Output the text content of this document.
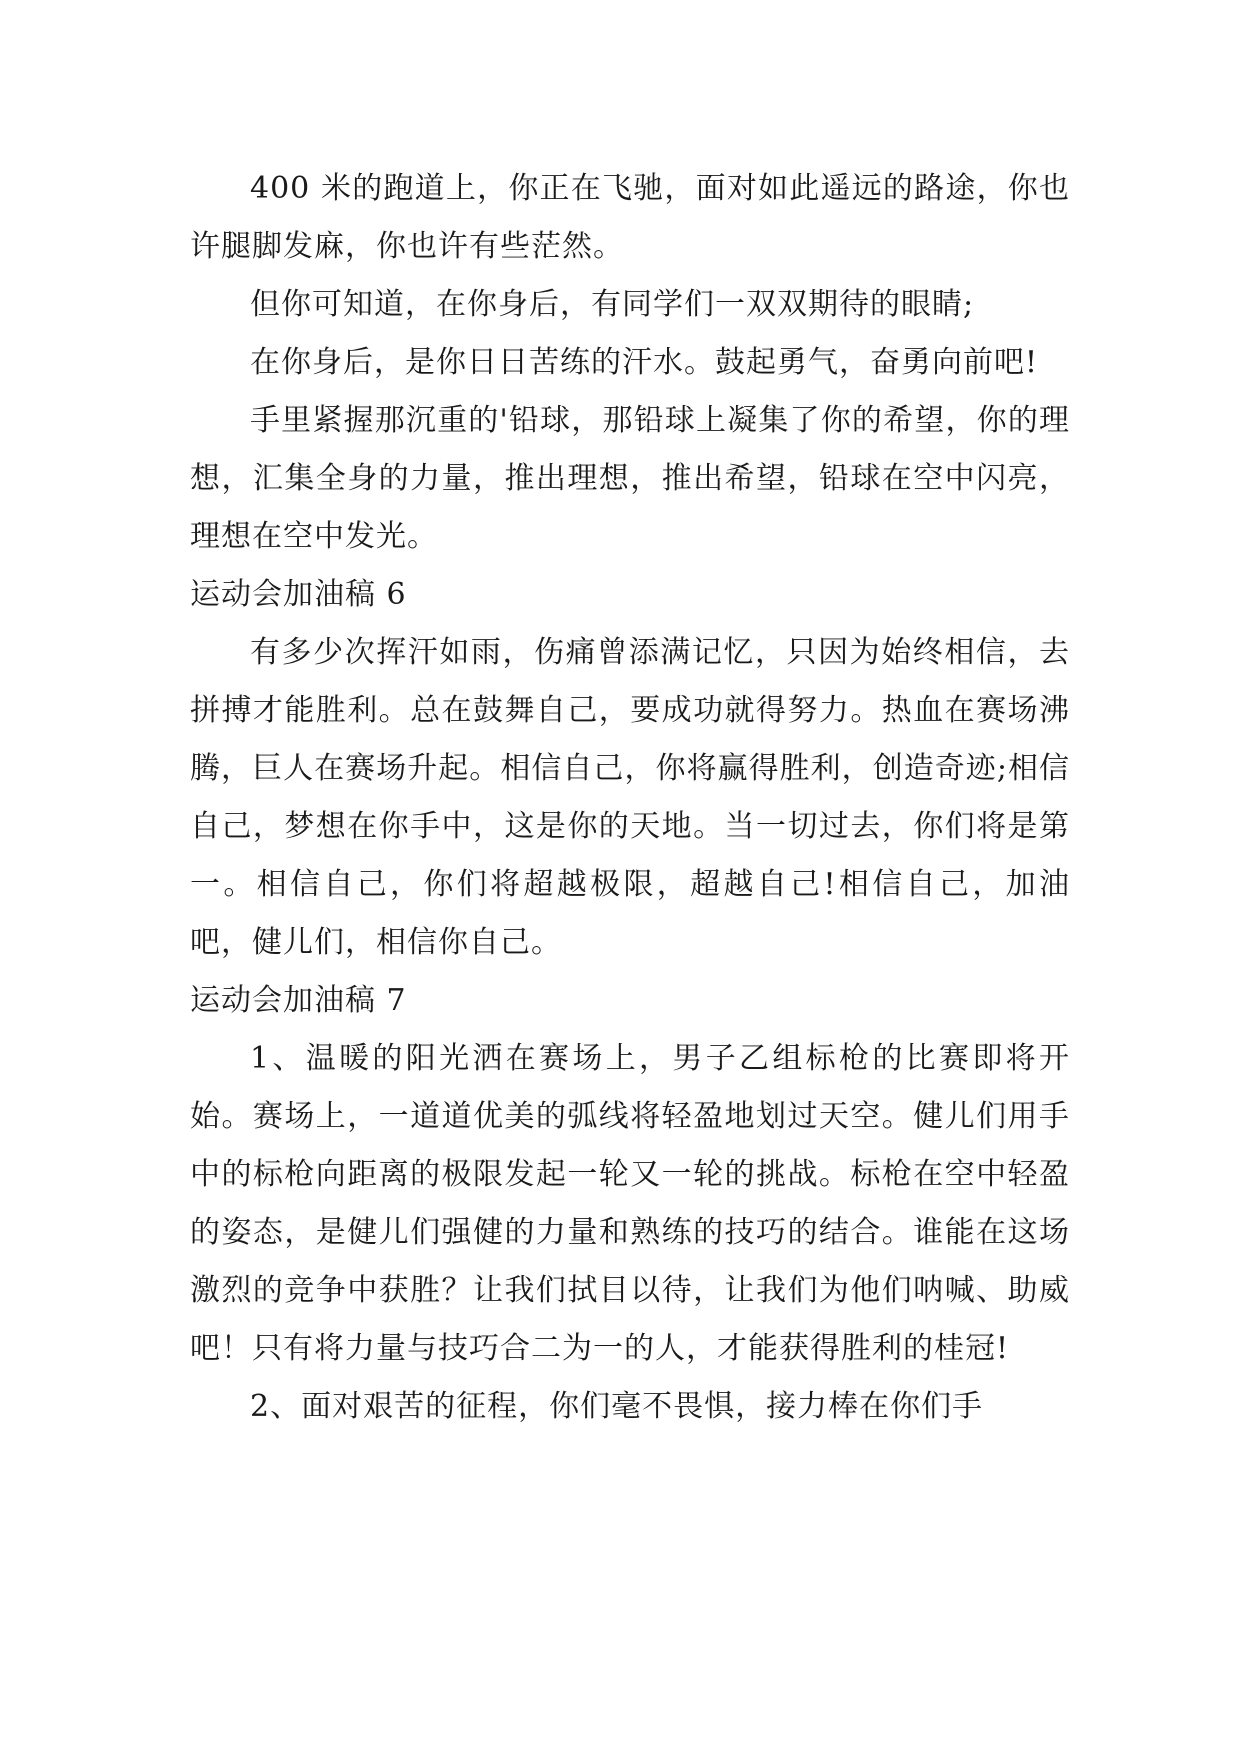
400 米的跑道上，你正在飞驰，面对如此遥远的路途，你也许腿脚发麻，你也许有些茫然。

但你可知道，在你身后，有同学们一双双期待的眼睛;

在你身后，是你日日苦练的汗水。鼓起勇气，奋勇向前吧!

手里紧握那沉重的'铅球，那铅球上凝集了你的希望，你的理想，汇集全身的力量，推出理想，推出希望，铅球在空中闪亮，理想在空中发光。

运动会加油稿 6

有多少次挥汗如雨，伤痛曾添满记忆，只因为始终相信，去拼搏才能胜利。总在鼓舞自己，要成功就得努力。热血在赛场沸腾，巨人在赛场升起。相信自己，你将赢得胜利，创造奇迹;相信自己，梦想在你手中，这是你的天地。当一切过去，你们将是第一。相信自己，你们将超越极限，超越自己!相信自己，加油吧，健儿们，相信你自己。

运动会加油稿 7

1、温暖的阳光洒在赛场上，男子乙组标枪的比赛即将开始。赛场上，一道道优美的弧线将轻盈地划过天空。健儿们用手中的标枪向距离的极限发起一轮又一轮的挑战。标枪在空中轻盈的姿态，是健儿们强健的力量和熟练的技巧的结合。谁能在这场激烈的竞争中获胜？让我们拭目以待，让我们为他们呐喊、助威吧！只有将力量与技巧合二为一的人，才能获得胜利的桂冠!

2、面对艰苦的征程，你们毫不畏惧，接力棒在你们手
